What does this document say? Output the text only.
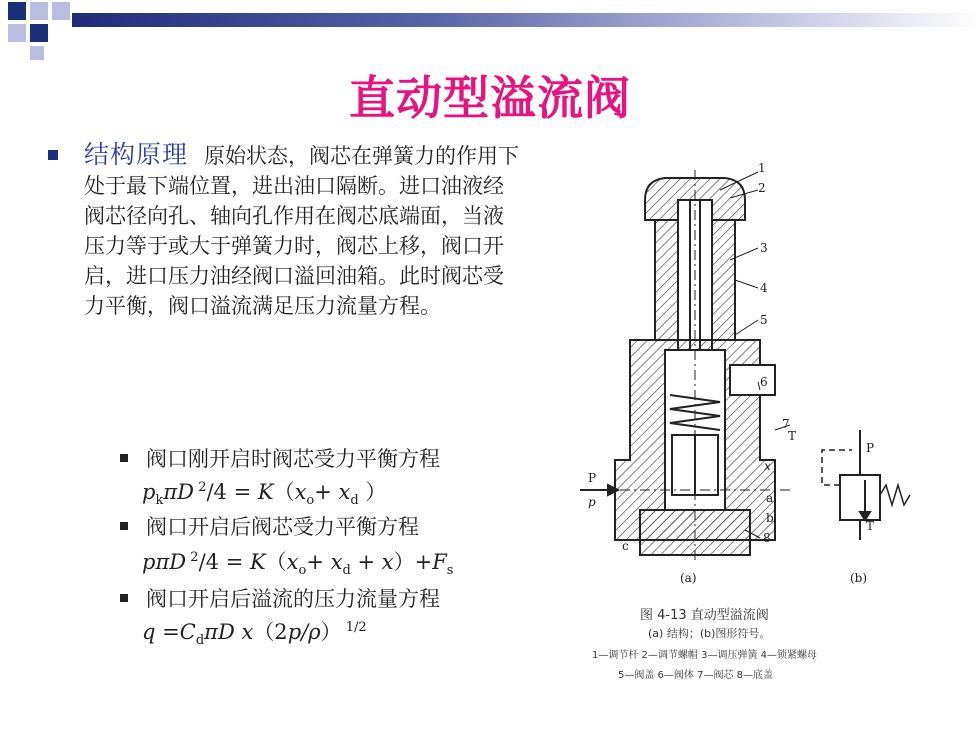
直动型溢流阀
结构原理 原始状态，阀芯在弹簧力的作用下处于最下端位置，进出油口隔断。进口油液经阀芯径向孔、轴向孔作用在阀芯底端面，当液压力等于或大于弹簧力时，阀芯上移，阀口开启，进口压力油经阀口溢回油箱。此时阀芯受力平衡，阀口溢流满足压力流量方程。
阀口刚开启时阀芯受力平衡方程
$p_k\pi D$  $^2/4 = K(x_o+ x_d$ ）
阀口开启后阀芯受力平衡方程
pπD  $^2/4 = K(x_o+ x_d + x)+F_s$
阀口开启后溢流的压力流量方程
$q =C_d\pi D$ x（2p/ρ）  $^{1/2}$
1
2
3
4
5
6
7
8
T
P
p
x
a
b
c
(a)	(b)
P
T
图 4-13 直动型溢流阀
(a) 结构；(b)图形符号。
1—调节杆 2—调节螺帽 3—调压弹簧 4—锁紧螺母
5—阀盖 6—阀体 7—阀芯 8—底盖
